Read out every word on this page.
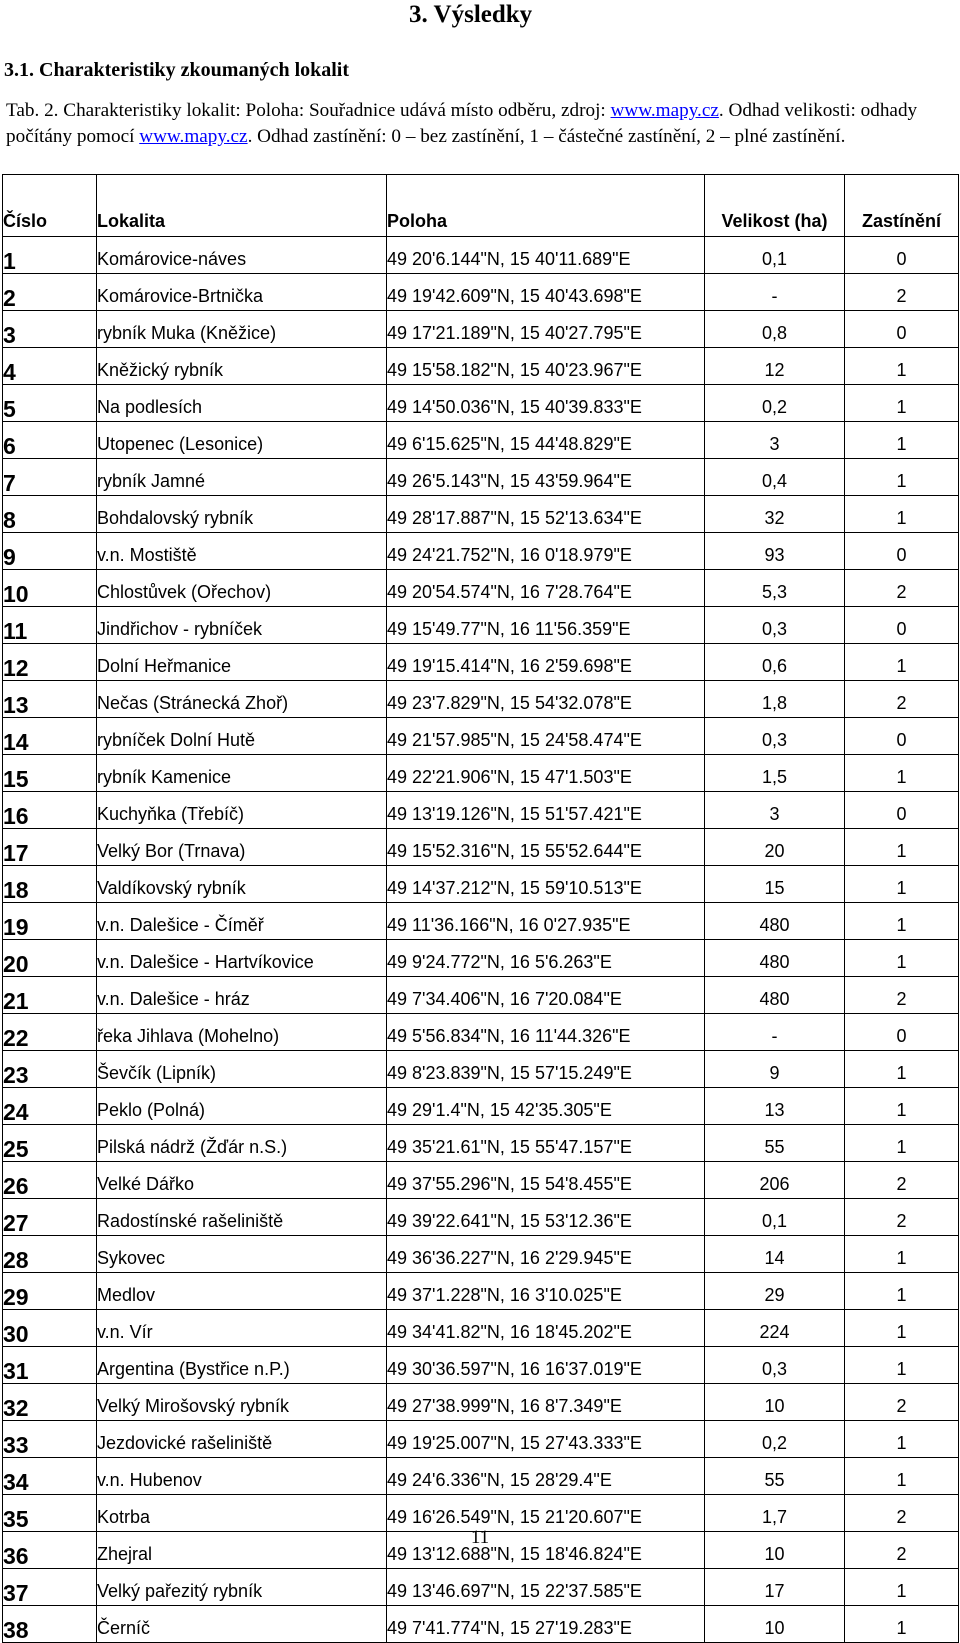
3. Výsledky
3.1. Charakteristiky zkoumaných lokalit

Tab. 2. Charakteristiky lokalit: Poloha: Souřadnice udává místo odběru, zdroj: www.mapy.cz. Odhad velikosti: odhady počítány pomocí www.mapy.cz. Odhad zastínění: 0 – bez zastínění, 1 – částečné zastínění, 2 – plné zastínění.

Číslo	Lokalita	Poloha	Velikost (ha)	Zastínění
1	Komárovice-náves	49 20'6.144"N, 15 40'11.689"E	0,1	0
2	Komárovice-Brtnička	49 19'42.609"N, 15 40'43.698"E	-	2
3	rybník Muka (Kněžice)	49 17'21.189"N, 15 40'27.795"E	0,8	0
4	Kněžický rybník	49 15'58.182"N, 15 40'23.967"E	12	1
5	Na podlesích	49 14'50.036"N, 15 40'39.833"E	0,2	1
6	Utopenec (Lesonice)	49 6'15.625"N, 15 44'48.829"E	3	1
7	rybník Jamné	49 26'5.143"N, 15 43'59.964"E	0,4	1
8	Bohdalovský rybník	49 28'17.887"N, 15 52'13.634"E	32	1
9	v.n. Mostiště	49 24'21.752"N, 16 0'18.979"E	93	0
10	Chlostůvek (Ořechov)	49 20'54.574"N, 16 7'28.764"E	5,3	2
11	Jindřichov - rybníček	49 15'49.77"N, 16 11'56.359"E	0,3	0
12	Dolní Heřmanice	49 19'15.414"N, 16 2'59.698"E	0,6	1
13	Nečas (Stránecká Zhoř)	49 23'7.829"N, 15 54'32.078"E	1,8	2
14	rybníček Dolní Hutě	49 21'57.985"N, 15 24'58.474"E	0,3	0
15	rybník Kamenice	49 22'21.906"N, 15 47'1.503"E	1,5	1
16	Kuchyňka (Třebíč)	49 13'19.126"N, 15 51'57.421"E	3	0
17	Velký Bor (Trnava)	49 15'52.316"N, 15 55'52.644"E	20	1
18	Valdíkovský rybník	49 14'37.212"N, 15 59'10.513"E	15	1
19	v.n. Dalešice - Číměř	49 11'36.166"N, 16 0'27.935"E	480	1
20	v.n. Dalešice - Hartvíkovice	49 9'24.772"N, 16 5'6.263"E	480	1
21	v.n. Dalešice - hráz	49 7'34.406"N, 16 7'20.084"E	480	2
22	řeka Jihlava (Mohelno)	49 5'56.834"N, 16 11'44.326"E	-	0
23	Ševčík (Lipník)	49 8'23.839"N, 15 57'15.249"E	9	1
24	Peklo (Polná)	49 29'1.4"N, 15 42'35.305"E	13	1
25	Pilská nádrž (Žďár n.S.)	49 35'21.61"N, 15 55'47.157"E	55	1
26	Velké Dářko	49 37'55.296"N, 15 54'8.455"E	206	2
27	Radostínské rašeliniště	49 39'22.641"N, 15 53'12.36"E	0,1	2
28	Sykovec	49 36'36.227"N, 16 2'29.945"E	14	1
29	Medlov	49 37'1.228"N, 16 3'10.025"E	29	1
30	v.n. Vír	49 34'41.82"N, 16 18'45.202"E	224	1
31	Argentina (Bystřice n.P.)	49 30'36.597"N, 16 16'37.019"E	0,3	1
32	Velký Mirošovský rybník	49 27'38.999"N, 16 8'7.349"E	10	2
33	Jezdovické rašeliniště	49 19'25.007"N, 15 27'43.333"E	0,2	1
34	v.n. Hubenov	49 24'6.336"N, 15 28'29.4"E	55	1
35	Kotrba	49 16'26.549"N, 15 21'20.607"E	1,7	2
36	Zhejral	49 13'12.688"N, 15 18'46.824"E	10	2
37	Velký pařezitý rybník	49 13'46.697"N, 15 22'37.585"E	17	1
38	Černíč	49 7'41.774"N, 15 27'19.283"E	10	1

11
